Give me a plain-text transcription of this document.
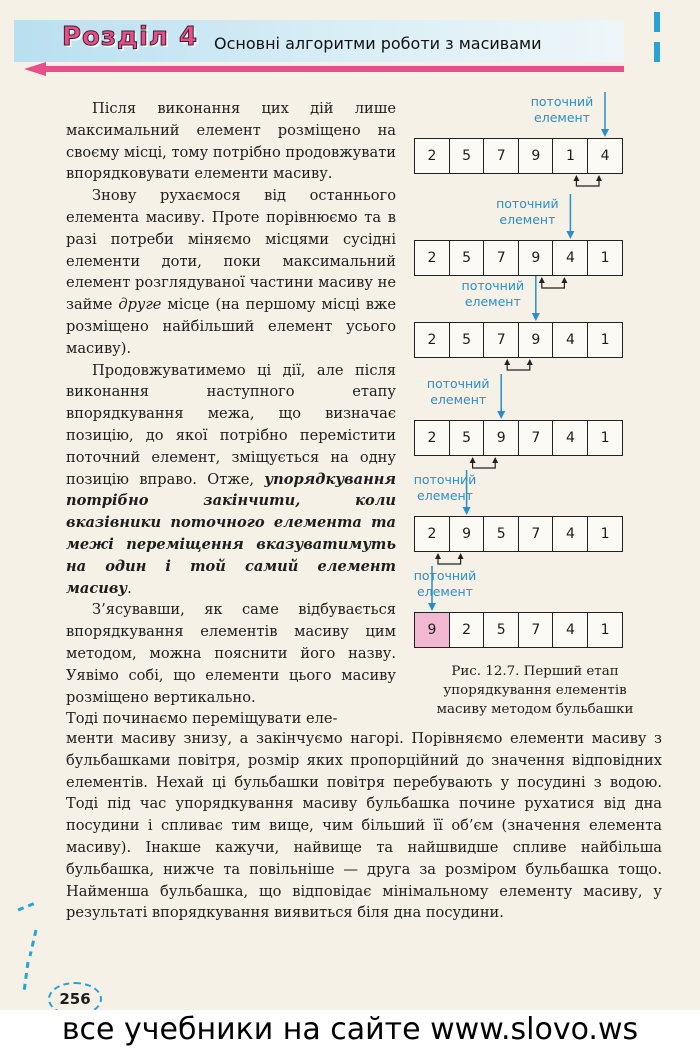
Розділ 4 Основні алгоритми роботи з масивами

Після виконання цих дій лише максимальний елемент розміщено на своєму місці, тому потрібно продовжувати впорядковувати елементи масиву.

Знову рухаємося від останнього елемента масиву. Проте порівнюємо та в разі потреби міняємо місцями сусідні елементи доти, поки максимальний елемент розглядуваної частини масиву не займе друге місце (на першому місці вже розміщено найбільший елемент усього масиву).

Продовжуватимемо ці дії, але після виконання наступного етапу впорядкування межа, що визначає позицію, до якої потрібно перемістити поточний елемент, зміщується на одну позицію вправо. Отже, упорядкування потрібно закінчити, коли вказівники поточного елемента та межі переміщення вказуватимуть на один і той самий елемент масиву.

З’ясувавши, як саме відбувається впорядкування елементів масиву цим методом, можна пояснити його назву. Уявімо собі, що елементи цього масиву розміщено вертикально.

Тоді починаємо переміщувати еле-

2	5	7	9	1	4
поточний
елемент
2	5	7	9	4	1
поточний
елемент
2	5	7	9	4	1
поточний
елемент
2	5	9	7	4	1
поточний
елемент
2	9	5	7	4	1
поточний
елемент
9	2	5	7	4	1
поточний
елемент
Рис. 12.7. Перший етап
упорядкування елементів
масиву методом бульбашки

менти масиву знизу, а закінчуємо нагорі. Порівняємо елементи масиву з бульбашками повітря, розмір яких пропорційний до значення відповідних елементів. Нехай ці бульбашки повітря перебувають у посудині з водою. Тоді під час упорядкування масиву бульбашка почине рухатися від дна посудини і спливає тим вище, чим більший її об’єм (значення елемента масиву). Інакше кажучи, найвище та найшвидше спливе найбільша бульбашка, нижче та повільніше — друга за розміром бульбашка тощо. Найменша бульбашка, що відповідає мінімальному елементу масиву, у результаті впорядкування виявиться біля дна посудини.

256
все учебники на сайте www.slovo.ws
